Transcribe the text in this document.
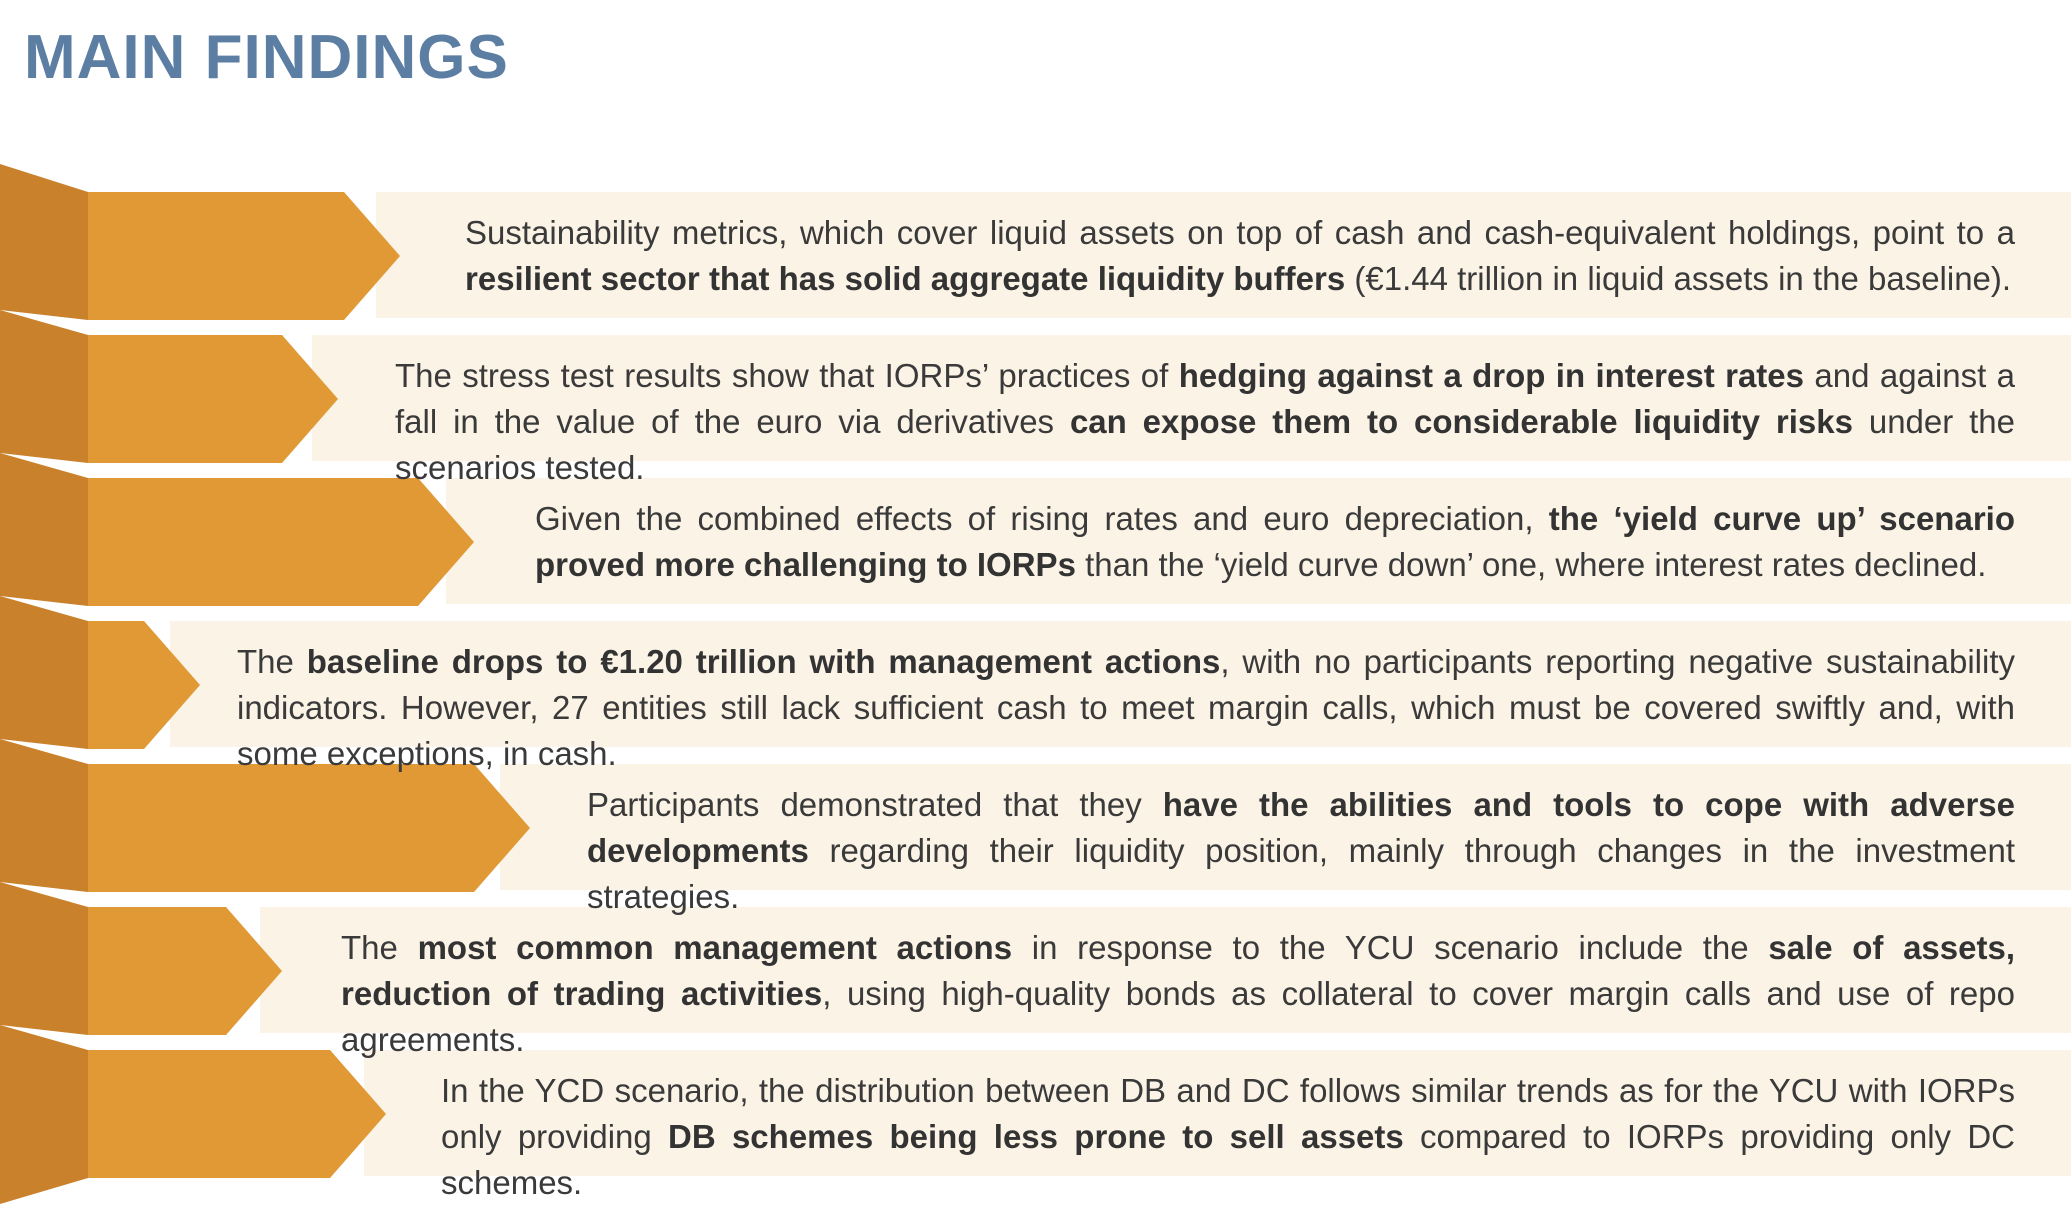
MAIN FINDINGS
Sustainability metrics, which cover liquid assets on top of cash and cash-equivalent holdings, point to a resilient sector that has solid aggregate liquidity buffers (€1.44 trillion in liquid assets in the baseline).
The stress test results show that IORPs’ practices of hedging against a drop in interest rates and against a fall in the value of the euro via derivatives can expose them to considerable liquidity risks under the scenarios tested.
Given the combined effects of rising rates and euro depreciation, the ‘yield curve up’ scenario proved more challenging to IORPs than the ‘yield curve down’ one, where interest rates declined.
The baseline drops to €1.20 trillion with management actions, with no participants reporting negative sustainability indicators. However, 27 entities still lack sufficient cash to meet margin calls, which must be covered swiftly and, with some exceptions, in cash.
Participants demonstrated that they have the abilities and tools to cope with adverse developments regarding their liquidity position, mainly through changes in the investment strategies.
The most common management actions in response to the YCU scenario include the sale of assets, reduction of trading activities, using high-quality bonds as collateral to cover margin calls and use of repo agreements.
In the YCD scenario, the distribution between DB and DC follows similar trends as for the YCU with IORPs only providing DB schemes being less prone to sell assets compared to IORPs providing only DC schemes.
